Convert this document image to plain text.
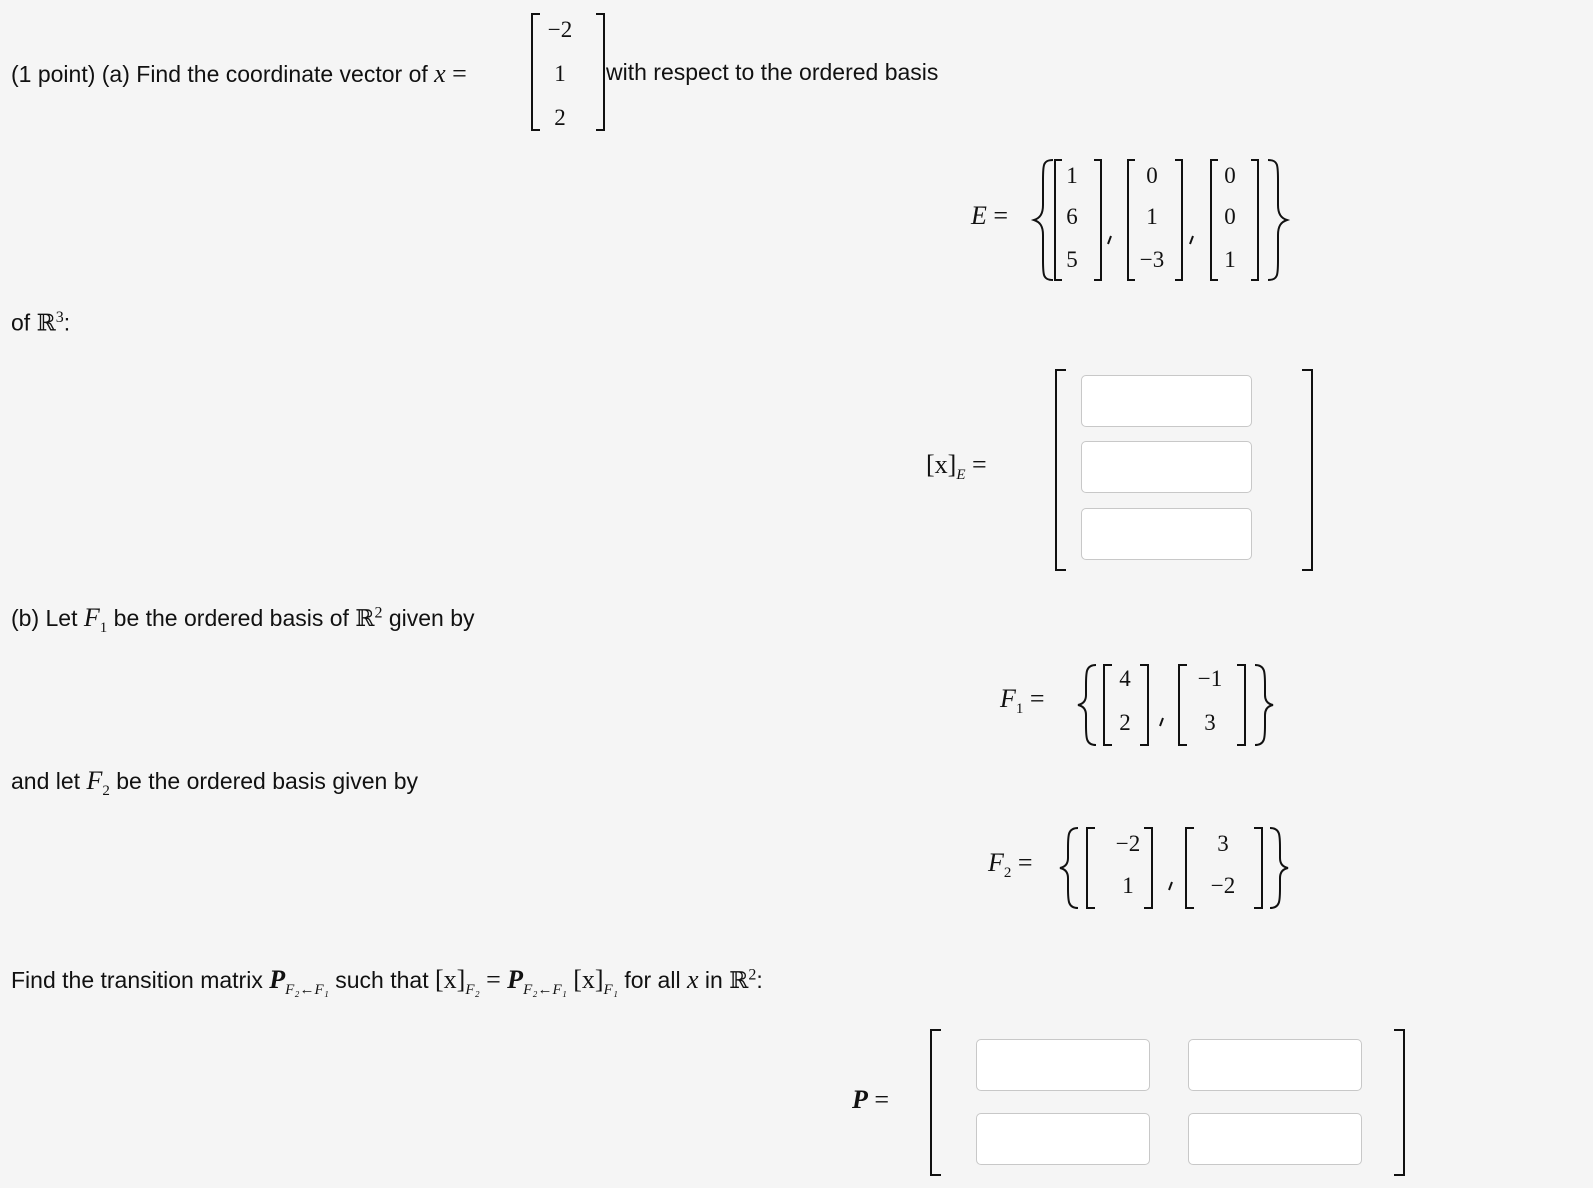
(1 point) (a) Find the coordinate vector of x =
−2
1
2
with respect to the ordered basis
E =
1
6
5
0
1
−3
0
0
1
of ℝ$^3$:
$[x]_E$ =
(b) Let $F_1$ be the ordered basis of ℝ$^2$ given by
$F_1$ =
4
2
−1
3
and let $F_2$ be the ordered basis given by
$F_2$ =
−2
1
3
−2
Find the transition matrix $P_{F_2\leftarrow F_1}$ such that $[x]_{F_2} = P_{F_2\leftarrow F_1}$ $[x]_{F_1}$ for all x in ℝ$^2$:
P =
